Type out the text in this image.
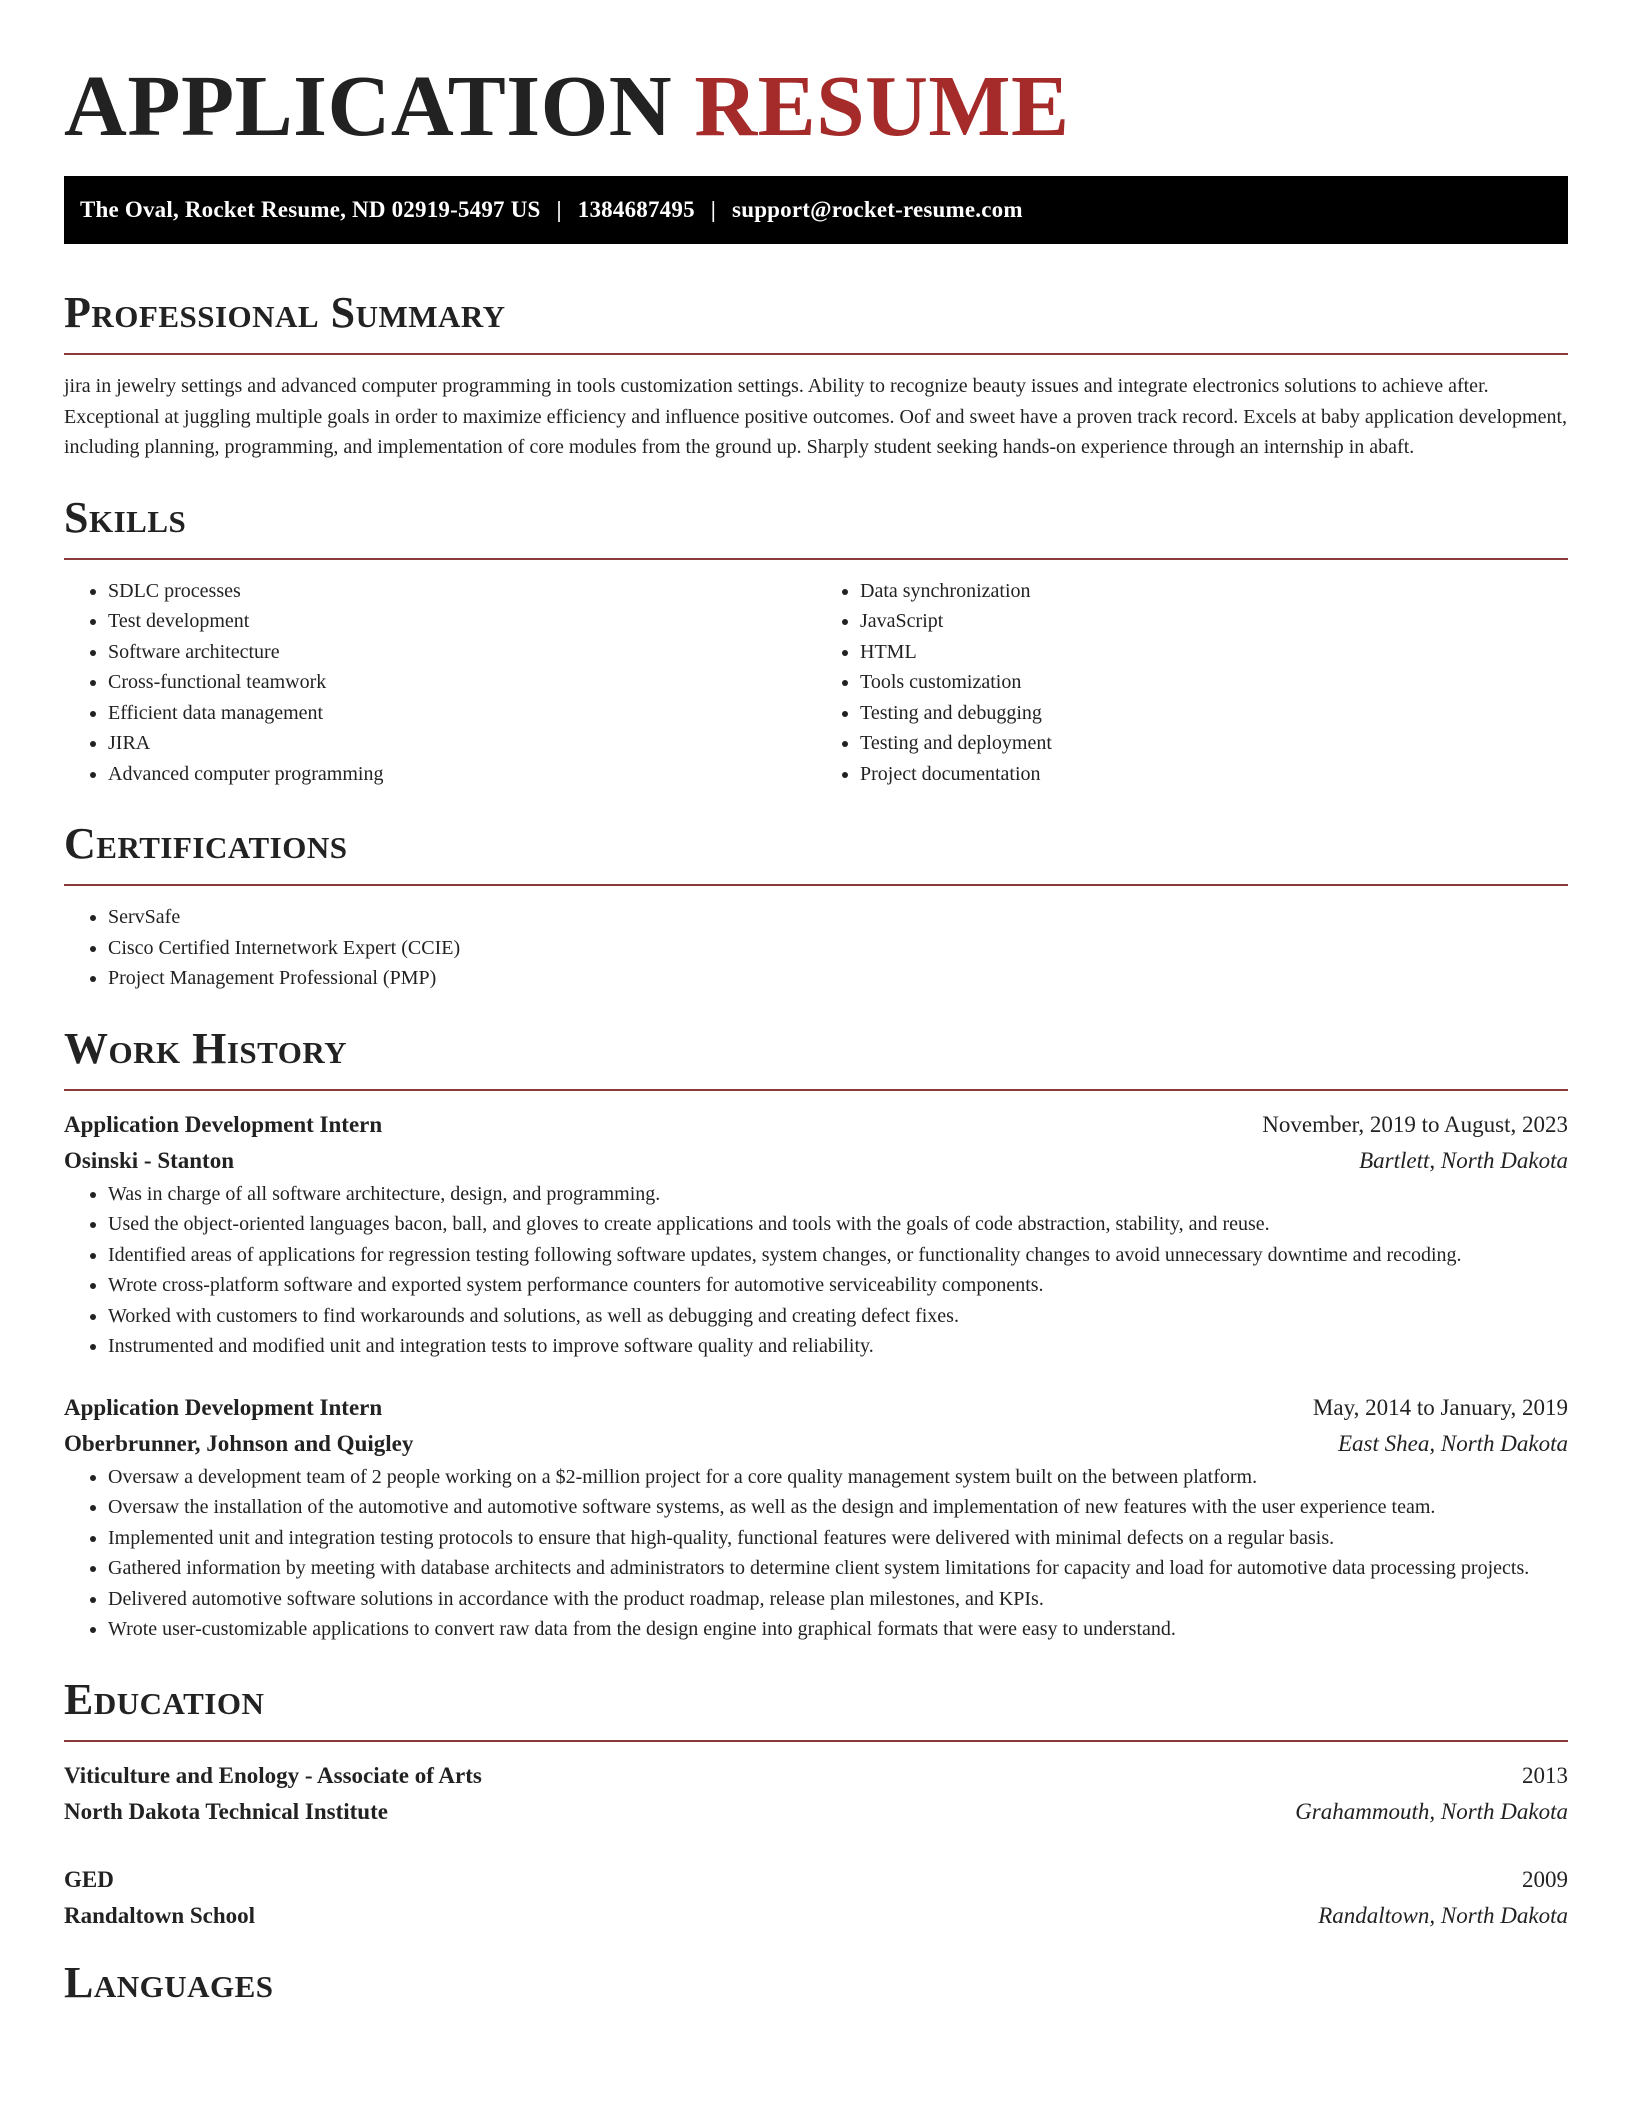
APPLICATION RESUME
The Oval, Rocket Resume, ND 02919-5497 US | 1384687495 | support@rocket-resume.com
Professional Summary

jira in jewelry settings and advanced computer programming in tools customization settings. Ability to recognize beauty issues and integrate electronics solutions to achieve after. Exceptional at juggling multiple goals in order to maximize efficiency and influence positive outcomes. Oof and sweet have a proven track record. Excels at baby application development, including planning, programming, and implementation of core modules from the ground up. Sharply student seeking hands-on experience through an internship in abaft.

Skills
• SDLC processes
• Test development
• Software architecture
• Cross-functional teamwork
• Efficient data management
• JIRA
• Advanced computer programming
• Data synchronization
• JavaScript
• HTML
• Tools customization
• Testing and debugging
• Testing and deployment
• Project documentation
Certifications
• ServSafe
• Cisco Certified Internetwork Expert (CCIE)
• Project Management Professional (PMP)
Work History
Application Development Intern	November, 2019 to August, 2023
Osinski - Stanton	Bartlett, North Dakota
• Was in charge of all software architecture, design, and programming.
• Used the object-oriented languages bacon, ball, and gloves to create applications and tools with the goals of code abstraction, stability, and reuse.
• Identified areas of applications for regression testing following software updates, system changes, or functionality changes to avoid unnecessary downtime and recoding.
• Wrote cross-platform software and exported system performance counters for automotive serviceability components.
• Worked with customers to find workarounds and solutions, as well as debugging and creating defect fixes.
• Instrumented and modified unit and integration tests to improve software quality and reliability.
Application Development Intern	May, 2014 to January, 2019
Oberbrunner, Johnson and Quigley	East Shea, North Dakota
• Oversaw a development team of 2 people working on a $2-million project for a core quality management system built on the between platform.
• Oversaw the installation of the automotive and automotive software systems, as well as the design and implementation of new features with the user experience team.
• Implemented unit and integration testing protocols to ensure that high-quality, functional features were delivered with minimal defects on a regular basis.
• Gathered information by meeting with database architects and administrators to determine client system limitations for capacity and load for automotive data processing projects.
• Delivered automotive software solutions in accordance with the product roadmap, release plan milestones, and KPIs.
• Wrote user-customizable applications to convert raw data from the design engine into graphical formats that were easy to understand.
Education
Viticulture and Enology - Associate of Arts	2013
North Dakota Technical Institute	Grahammouth, North Dakota
GED	2009
Randaltown School	Randaltown, North Dakota
Languages
